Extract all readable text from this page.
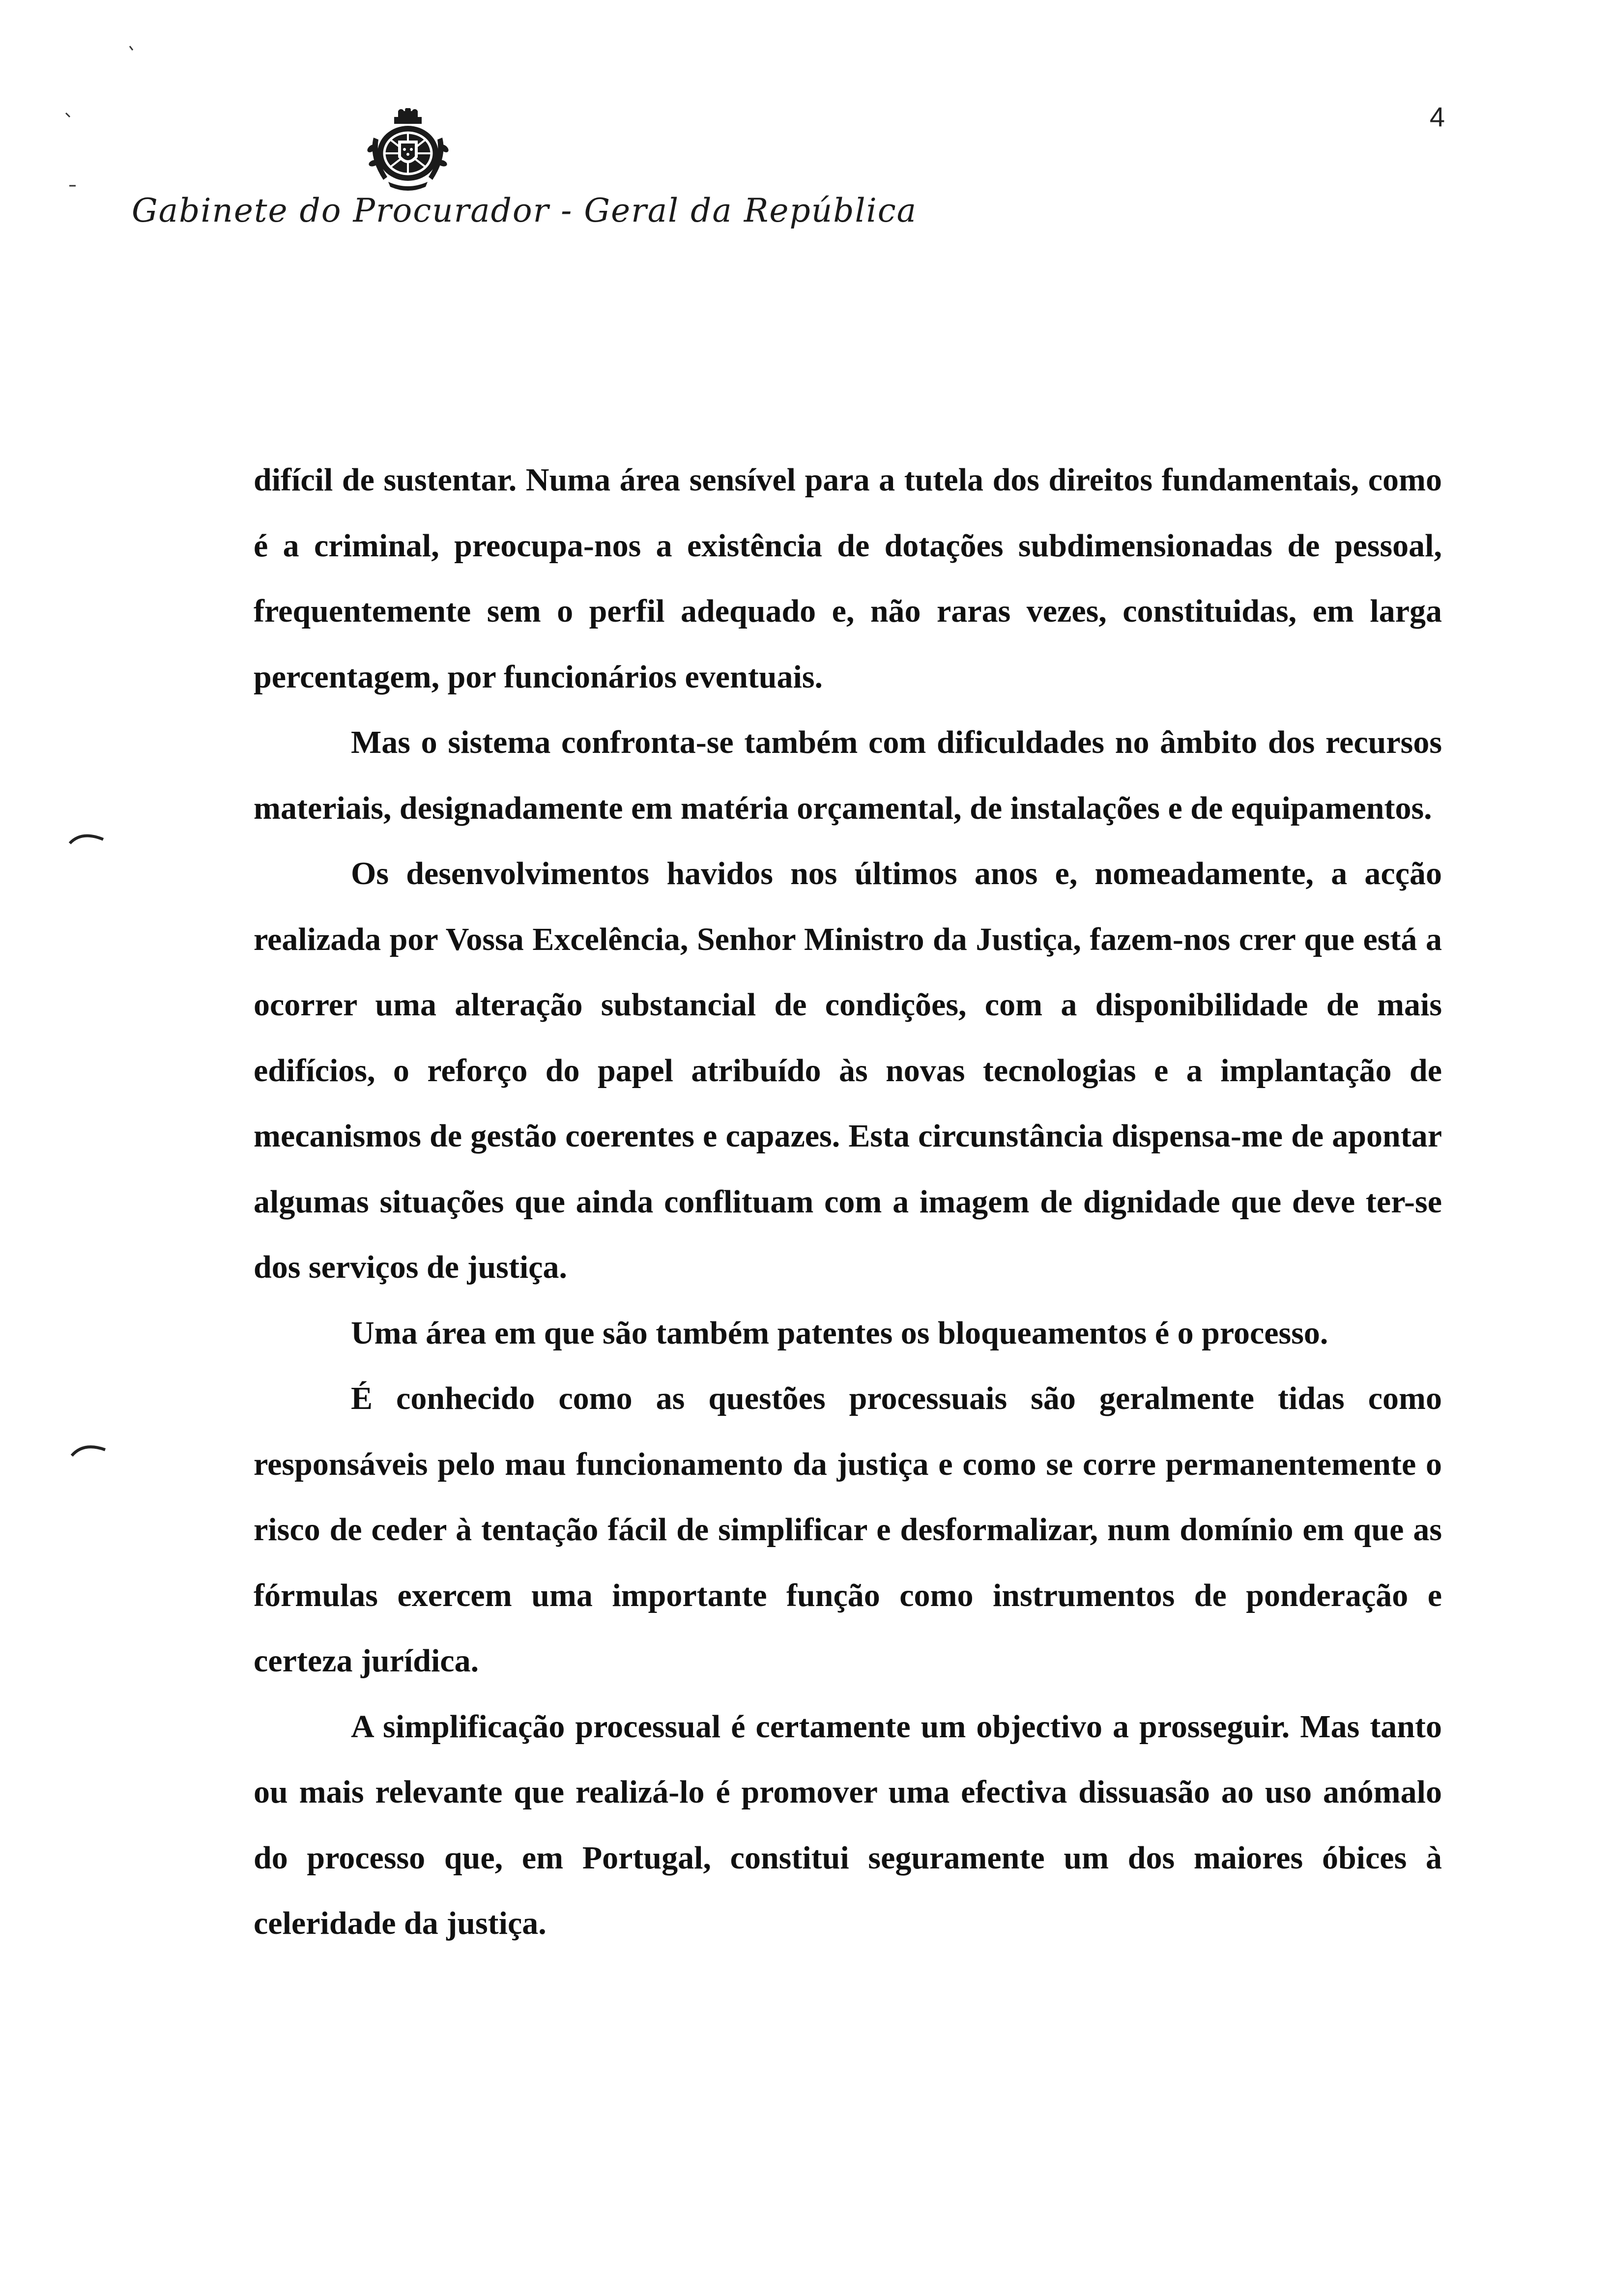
Gabinete do Procurador - Geral da República
4

difícil de sustentar. Numa área sensível para a tutela dos direitos fundamentais, como é a criminal, preocupa-nos a existência de dotações subdimensionadas de pessoal, frequentemente sem o perfil adequado e, não raras vezes, constituidas, em larga percentagem, por funcionários eventuais.

Mas o sistema confronta-se também com dificuldades no âmbito dos recursos materiais, designadamente em matéria orçamental, de instalações e de equipamentos.

Os desenvolvimentos havidos nos últimos anos e, nomeadamente, a acção realizada por Vossa Excelência, Senhor Ministro da Justiça, fazem-nos crer que está a ocorrer uma alteração substancial de condições, com a disponibilidade de mais edifícios, o reforço do papel atribuído às novas tecnologias e a implantação de mecanismos de gestão coerentes e capazes. Esta circunstância dispensa-me de apontar algumas situações que ainda conflituam com a imagem de dignidade que deve ter-se dos serviços de justiça.

Uma área em que são também patentes os bloqueamentos é o processo.

É conhecido como as questões processuais são geralmente tidas como responsáveis pelo mau funcionamento da justiça e como se corre permanentemente o risco de ceder à tentação fácil de simplificar e desformalizar, num domínio em que as fórmulas exercem uma importante função como instrumentos de ponderação e certeza jurídica.

A simplificação processual é certamente um objectivo a prosseguir. Mas tanto ou mais relevante que realizá-lo é promover uma efectiva dissuasão ao uso anómalo do processo que, em Portugal, constitui seguramente um dos maiores óbices à celeridade da justiça.
